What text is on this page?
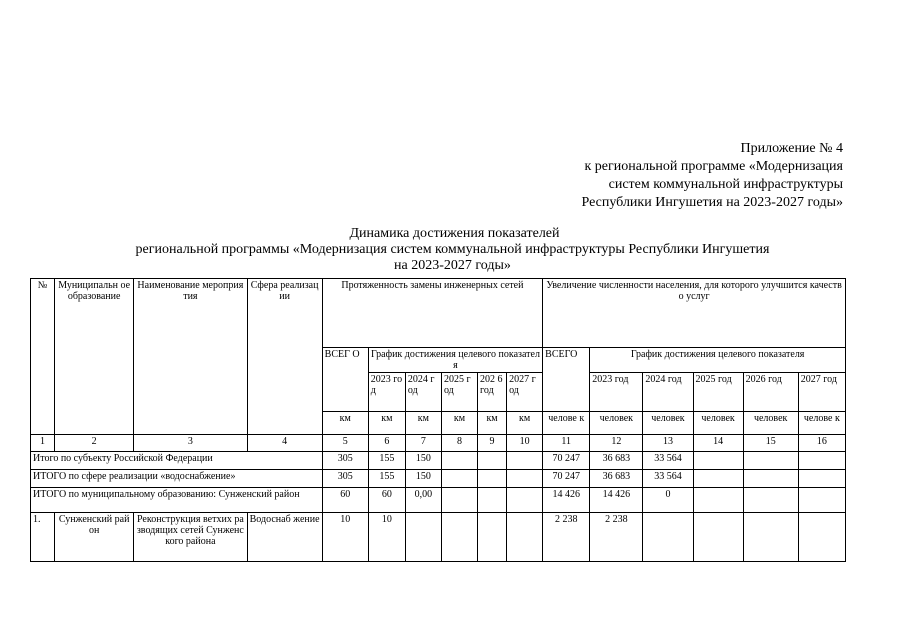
Приложение № 4
к региональной программе «Модернизация
систем коммунальной инфраструктуры
Республики Ингушетия на 2023-2027 годы»
Динамика достижения показателей
региональной программы «Модернизация систем коммунальной инфраструктуры Республики Ингушетия
на 2023-2027 годы»
№	Муниципальн ое образование	Наименование мероприятия	Сфера реализации	Протяженность замены инженерных сетей						Увеличение численности населения, для которого улучшится качество услуг					
				ВСЕГ О	График достижения целевого показателя					ВСЕГО	График достижения целевого показателя				
					2023 год	2024 год	2025 год	202 6 год	2027 год		2023 год	2024 год	2025 год	2026 год	2027 год
				км	км	км	км	км	км	челове к	человек	человек	человек	человек	челове к
1	2	3	4	5	6	7	8	9	10	11	12	13	14	15	16
Итого по субъекту Российской Федерации				305	155	150				70 247	36 683	33 564			
ИТОГО по сфере реализации «водоснабжение»				305	155	150				70 247	36 683	33 564			
ИТОГО по муниципальному образованию: Сунженский район				60	60	0,00				14 426	14 426	0			
1.	Сунженский район	Реконструкция ветхих разводящих сетей Сунженского района	Водоснаб жение	10	10					2 238	2 238				
